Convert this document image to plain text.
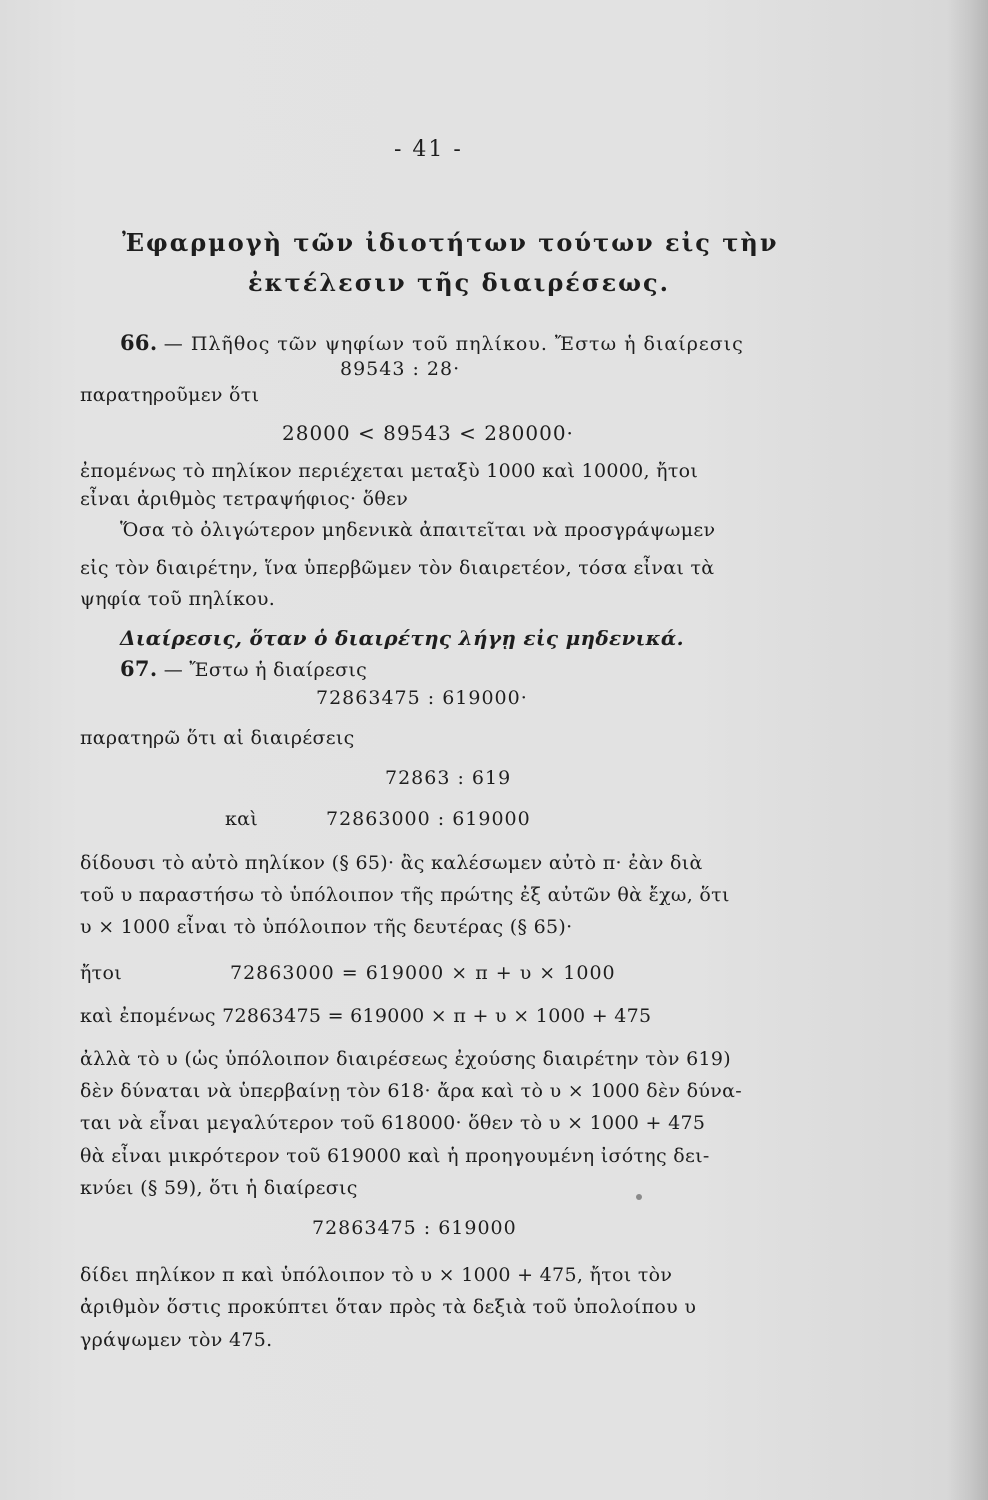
- 41 -
Ἐφαρμογὴ τῶν ἰδιοτήτων τούτων εἰς τὴν
ἐκτέλεσιν τῆς διαιρέσεως.
66. — Πλῆθος τῶν ψηφίων τοῦ πηλίκου. Ἔστω ἡ διαίρεσις
89543 : 28·
παρατηροῦμεν ὅτι
28000 < 89543 < 280000·
ἐπομένως τὸ πηλίκον περιέχεται μεταξὺ 1000 καὶ 10000, ἤτοι
εἶναι ἀριθμὸς τετραψήφιος· ὅθεν
Ὅσα τὸ ὀλιγώτερον μηδενικὰ ἀπαιτεῖται νὰ προσγράψωμεν
εἰς τὸν διαιρέτην, ἵνα ὑπερβῶμεν τὸν διαιρετέον, τόσα εἶναι τὰ
ψηφία τοῦ πηλίκου.
Διαίρεσις, ὅταν ὁ διαιρέτης λήγῃ εἰς μηδενικά.
67. — Ἔστω ἡ διαίρεσις
72863475 : 619000·
παρατηρῶ ὅτι αἱ διαιρέσεις
72863 : 619
καὶ	72863000 : 619000
δίδουσι τὸ αὐτὸ πηλίκον (§ 65)· ἂς καλέσωμεν αὐτὸ π· ἐὰν διὰ
τοῦ υ παραστήσω τὸ ὑπόλοιπον τῆς πρώτης ἐξ αὐτῶν θὰ ἔχω, ὅτι
υ × 1000 εἶναι τὸ ὑπόλοιπον τῆς δευτέρας (§ 65)·
ἤτοι	72863000 = 619000 × π + υ × 1000
καὶ ἐπομένως 72863475 = 619000 × π + υ × 1000 + 475
ἀλλὰ τὸ υ (ὡς ὑπόλοιπον διαιρέσεως ἐχούσης διαιρέτην τὸν 619)
δὲν δύναται νὰ ὑπερβαίνῃ τὸν 618· ἄρα καὶ τὸ υ × 1000 δὲν δύνα-
ται νὰ εἶναι μεγαλύτερον τοῦ 618000· ὅθεν τὸ υ × 1000 + 475
θὰ εἶναι μικρότερον τοῦ 619000 καὶ ἡ προηγουμένη ἰσότης δει-
κνύει (§ 59), ὅτι ἡ διαίρεσις
72863475 : 619000
δίδει πηλίκον π καὶ ὑπόλοιπον τὸ υ × 1000 + 475, ἤτοι τὸν
ἀριθμὸν ὅστις προκύπτει ὅταν πρὸς τὰ δεξιὰ τοῦ ὑπολοίπου υ
γράψωμεν τὸν 475.
